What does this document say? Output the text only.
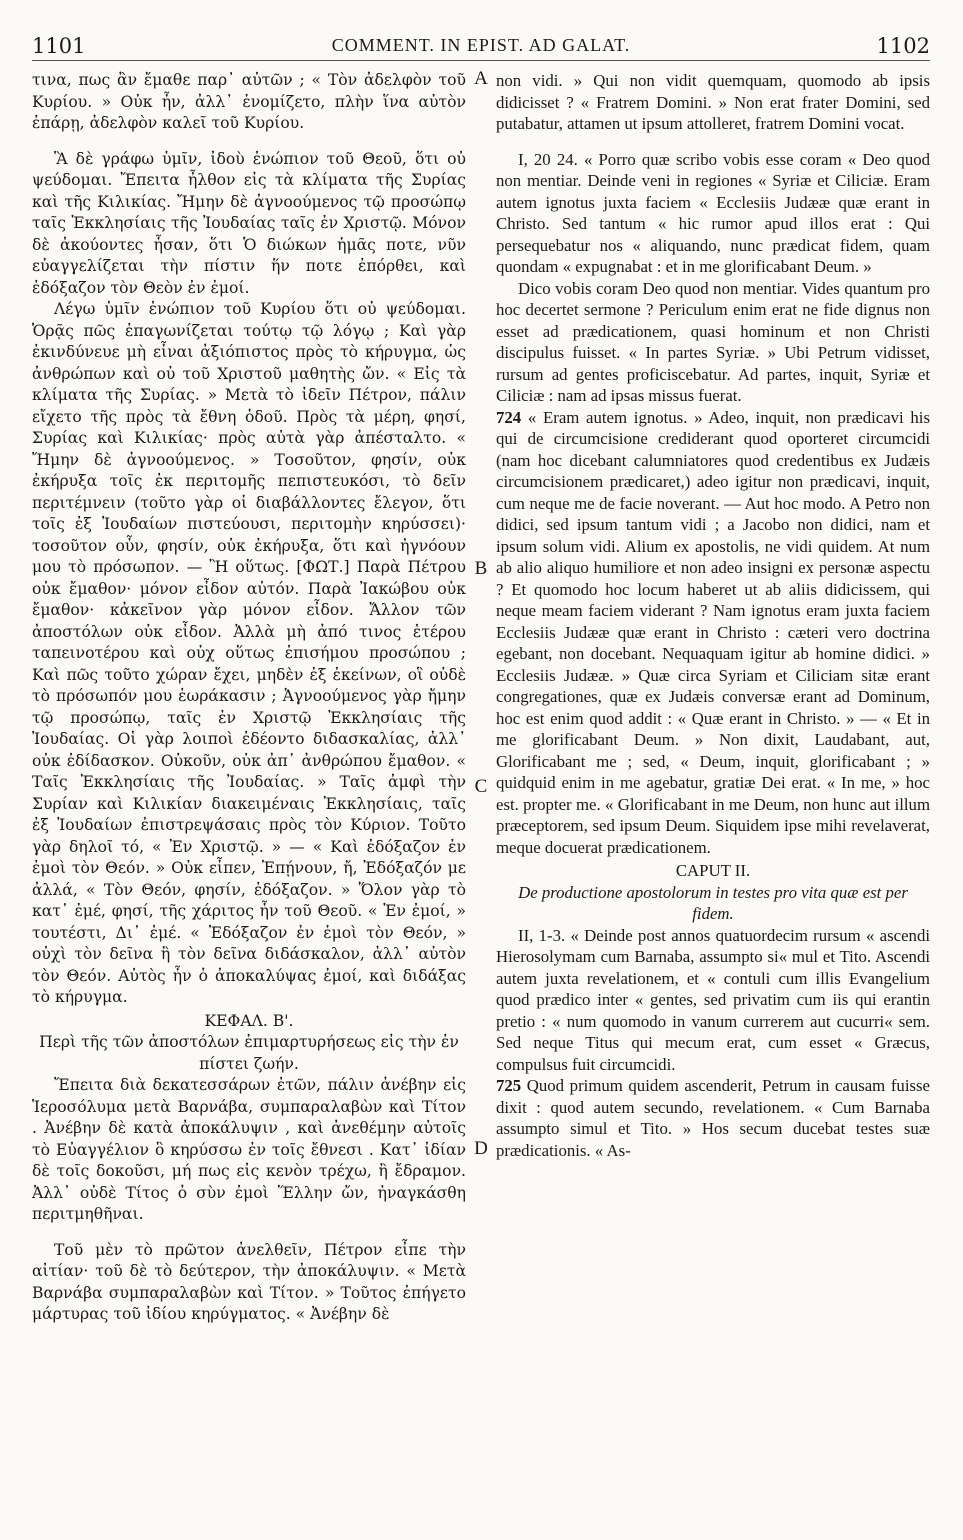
1101	COMMENT. IN EPIST. AD GALAT.	1102
A
B
C
D

τινα, πως ἂν ἔμαθε παρ᾽ αὐτῶν ; « Τὸν ἀδελφὸν τοῦ Κυρίου. » Οὐκ ἦν, ἀλλ᾽ ἐνομίζετο, πλὴν ἵνα αὐτὸν ἐπάρῃ, ἀδελφὸν καλεῖ τοῦ Κυρίου.

Ἃ δὲ γράφω ὑμῖν, ἰδοὺ ἐνώπιον τοῦ Θεοῦ, ὅτι οὐ ψεύδομαι. Ἔπειτα ἦλθον εἰς τὰ κλίματα τῆς Συρίας καὶ τῆς Κιλικίας. Ἤμην δὲ ἀγνοούμενος τῷ προσώπῳ ταῖς Ἐκκλησίαις τῆς Ἰουδαίας ταῖς ἐν Χριστῷ. Μόνον δὲ ἀκούοντες ἦσαν, ὅτι Ὁ διώκων ἡμᾶς ποτε, νῦν εὐαγγελίζεται τὴν πίστιν ἥν ποτε ἐπόρθει, καὶ ἐδόξαζον τὸν Θεὸν ἐν ἐμοί.

Λέγω ὑμῖν ἐνώπιον τοῦ Κυρίου ὅτι οὐ ψεύδομαι. Ὁρᾷς πῶς ἐπαγωνίζεται τούτῳ τῷ λόγῳ ; Καὶ γὰρ ἐκινδύνευε μὴ εἶναι ἀξιόπιστος πρὸς τὸ κήρυγμα, ὡς ἀνθρώπων καὶ οὐ τοῦ Χριστοῦ μαθητὴς ὤν. « Εἰς τὰ κλίματα τῆς Συρίας. » Μετὰ τὸ ἰδεῖν Πέτρον, πάλιν εἴχετο τῆς πρὸς τὰ ἔθνη ὁδοῦ. Πρὸς τὰ μέρη, φησί, Συρίας καὶ Κιλικίας· πρὸς αὐτὰ γὰρ ἀπέσταλτο. « Ἤμην δὲ ἀγνοούμενος. » Τοσοῦτον, φησίν, οὐκ ἐκήρυξα τοῖς ἐκ περιτομῆς πεπιστευκόσι, τὸ δεῖν περιτέμνειν (τοῦτο γὰρ οἱ διαβάλλοντες ἔλεγον, ὅτι τοῖς ἐξ Ἰουδαίων πιστεύουσι, περιτομὴν κηρύσσει)· τοσοῦτον οὖν, φησίν, οὐκ ἐκήρυξα, ὅτι καὶ ἠγνόουν μου τὸ πρόσωπον. — Ἢ οὕτως. [ΦΩΤ.] Παρὰ Πέτρου οὐκ ἔμαθον· μόνον εἶδον αὐτόν. Παρὰ Ἰακώβου οὐκ ἔμαθον· κἀκεῖνον γὰρ μόνον εἶδον. Ἄλλον τῶν ἀποστόλων οὐκ εἶδον. Ἀλλὰ μὴ ἀπό τινος ἑτέρου ταπεινοτέρου καὶ οὐχ οὕτως ἐπισήμου προσώπου ; Καὶ πῶς τοῦτο χώραν ἔχει, μηδὲν ἐξ ἐκείνων, οἳ οὐδὲ τὸ πρόσωπόν μου ἑωράκασιν ; Ἀγνοούμενος γὰρ ἤμην τῷ προσώπῳ, ταῖς ἐν Χριστῷ Ἐκκλησίαις τῆς Ἰουδαίας. Οἱ γὰρ λοιποὶ ἐδέοντο διδασκαλίας, ἀλλ᾽ οὐκ ἐδίδασκον. Οὐκοῦν, οὐκ ἀπ᾽ ἀνθρώπου ἔμαθον. « Ταῖς Ἐκκλησίαις τῆς Ἰουδαίας. » Ταῖς ἀμφὶ τὴν Συρίαν καὶ Κιλικίαν διακειμέναις Ἐκκλησίαις, ταῖς ἐξ Ἰουδαίων ἐπιστρεψάσαις πρὸς τὸν Κύριον. Τοῦτο γὰρ δηλοῖ τό, « Ἐν Χριστῷ. » — « Καὶ ἐδόξαζον ἐν ἐμοὶ τὸν Θεόν. » Οὐκ εἶπεν, Ἐπῄνουν, ἤ, Ἐδόξαζόν με ἀλλά, « Τὸν Θεόν, φησίν, ἐδόξαζον. » Ὅλον γὰρ τὸ κατ᾽ ἐμέ, φησί, τῆς χάριτος ἦν τοῦ Θεοῦ. « Ἐν ἐμοί, » τουτέστι, Δι᾽ ἐμέ. « Ἐδόξαζον ἐν ἐμοὶ τὸν Θεόν, » οὐχὶ τὸν δεῖνα ἢ τὸν δεῖνα διδάσκαλον, ἀλλ᾽ αὐτὸν τὸν Θεόν. Αὐτὸς ἦν ὁ ἀποκαλύψας ἐμοί, καὶ διδάξας τὸ κήρυγμα.

ΚΕΦΑΛ. Β'.

Περὶ τῆς τῶν ἀποστόλων ἐπιμαρτυρήσεως εἰς τὴν ἐν πίστει ζωήν.

Ἔπειτα διὰ δεκατεσσάρων ἐτῶν, πάλιν ἀνέβην εἰς Ἱεροσόλυμα μετὰ Βαρνάβα, συμπαραλαβὼν καὶ Τίτον . Ἀνέβην δὲ κατὰ ἀποκάλυψιν , καὶ ἀνεθέμην αὐτοῖς τὸ Εὐαγγέλιον ὃ κηρύσσω ἐν τοῖς ἔθνεσι . Κατ᾽ ἰδίαν δὲ τοῖς δοκοῦσι, μή πως εἰς κενὸν τρέχω, ἢ ἔδραμον. Ἀλλ᾽ οὐδὲ Τίτος ὁ σὺν ἐμοὶ Ἕλλην ὤν, ἠναγκάσθη περιτμηθῆναι.

Τοῦ μὲν τὸ πρῶτον ἀνελθεῖν, Πέτρον εἶπε τὴν αἰτίαν· τοῦ δὲ τὸ δεύτερον, τὴν ἀποκάλυψιν. « Μετὰ Βαρνάβα συμπαραλαβὼν καὶ Τίτον. » Τοῦτος ἐπήγετο μάρτυρας τοῦ ἰδίου κηρύγματος. « Ἀνέβην δὲ

non vidi. » Qui non vidit quemquam, quomodo ab ipsis didicisset ? « Fratrem Domini. » Non erat frater Domini, sed putabatur, attamen ut ipsum attolleret, fratrem Domini vocat.

I, 20 24. « Porro quæ scribo vobis esse coram « Deo quod non mentiar. Deinde veni in regiones « Syriæ et Ciliciæ. Eram autem ignotus juxta faciem « Ecclesiis Judææ quæ erant in Christo. Sed tantum « hic rumor apud illos erat : Qui persequebatur nos « aliquando, nunc prædicat fidem, quam quondam « expugnabat : et in me glorificabant Deum. »

Dico vobis coram Deo quod non mentiar. Vides quantum pro hoc decertet sermone ? Periculum enim erat ne fide dignus non esset ad prædicationem, quasi hominum et non Christi discipulus fuisset. « In partes Syriæ. » Ubi Petrum vidisset, rursum ad gentes proficiscebatur. Ad partes, inquit, Syriæ et Ciliciæ : nam ad ipsas missus fuerat.

724 « Eram autem ignotus. » Adeo, inquit, non prædicavi his qui de circumcisione crediderant quod oporteret circumcidi (nam hoc dicebant calumniatores quod credentibus ex Judæis circumcisionem prædicaret,) adeo igitur non prædicavi, inquit, cum neque me de facie noverant. — Aut hoc modo. A Petro non didici, sed ipsum tantum vidi ; a Jacobo non didici, nam et ipsum solum vidi. Alium ex apostolis, ne vidi quidem. At num ab alio aliquo humiliore et non adeo insigni ex personæ aspectu ? Et quomodo hoc locum haberet ut ab aliis didicissem, qui neque meam faciem viderant ? Nam ignotus eram juxta faciem Ecclesiis Judææ quæ erant in Christo : cæteri vero doctrina egebant, non docebant. Nequaquam igitur ab homine didici. » Ecclesiis Judææ. » Quæ circa Syriam et Ciliciam sitæ erant congregationes, quæ ex Judæis conversæ erant ad Dominum, hoc est enim quod addit : « Quæ erant in Christo. » — « Et in me glorificabant Deum. » Non dixit, Laudabant, aut, Glorificabant me ; sed, « Deum, inquit, glorificabant ; » quidquid enim in me agebatur, gratiæ Dei erat. « In me, » hoc est. propter me. « Glorificabant in me Deum, non hunc aut illum præceptorem, sed ipsum Deum. Siquidem ipse mihi revelaverat, meque docuerat prædicationem.

CAPUT II.

De productione apostolorum in testes pro vita quæ est per fidem.

II, 1-3. « Deinde post annos quatuordecim rursum « ascendi Hierosolymam cum Barnaba, assumpto si« mul et Tito. Ascendi autem juxta revelationem, et « contuli cum illis Evangelium quod prædico inter « gentes, sed privatim cum iis qui erantin pretio : « num quomodo in vanum currerem aut cucurri« sem. Sed neque Titus qui mecum erat, cum esset « Græcus, compulsus fuit circumcidi.

725 Quod primum quidem ascenderit, Petrum in causam fuisse dixit : quod autem secundo, revelationem. « Cum Barnaba assumpto simul et Tito. » Hos secum ducebat testes suæ prædicationis. « As-
